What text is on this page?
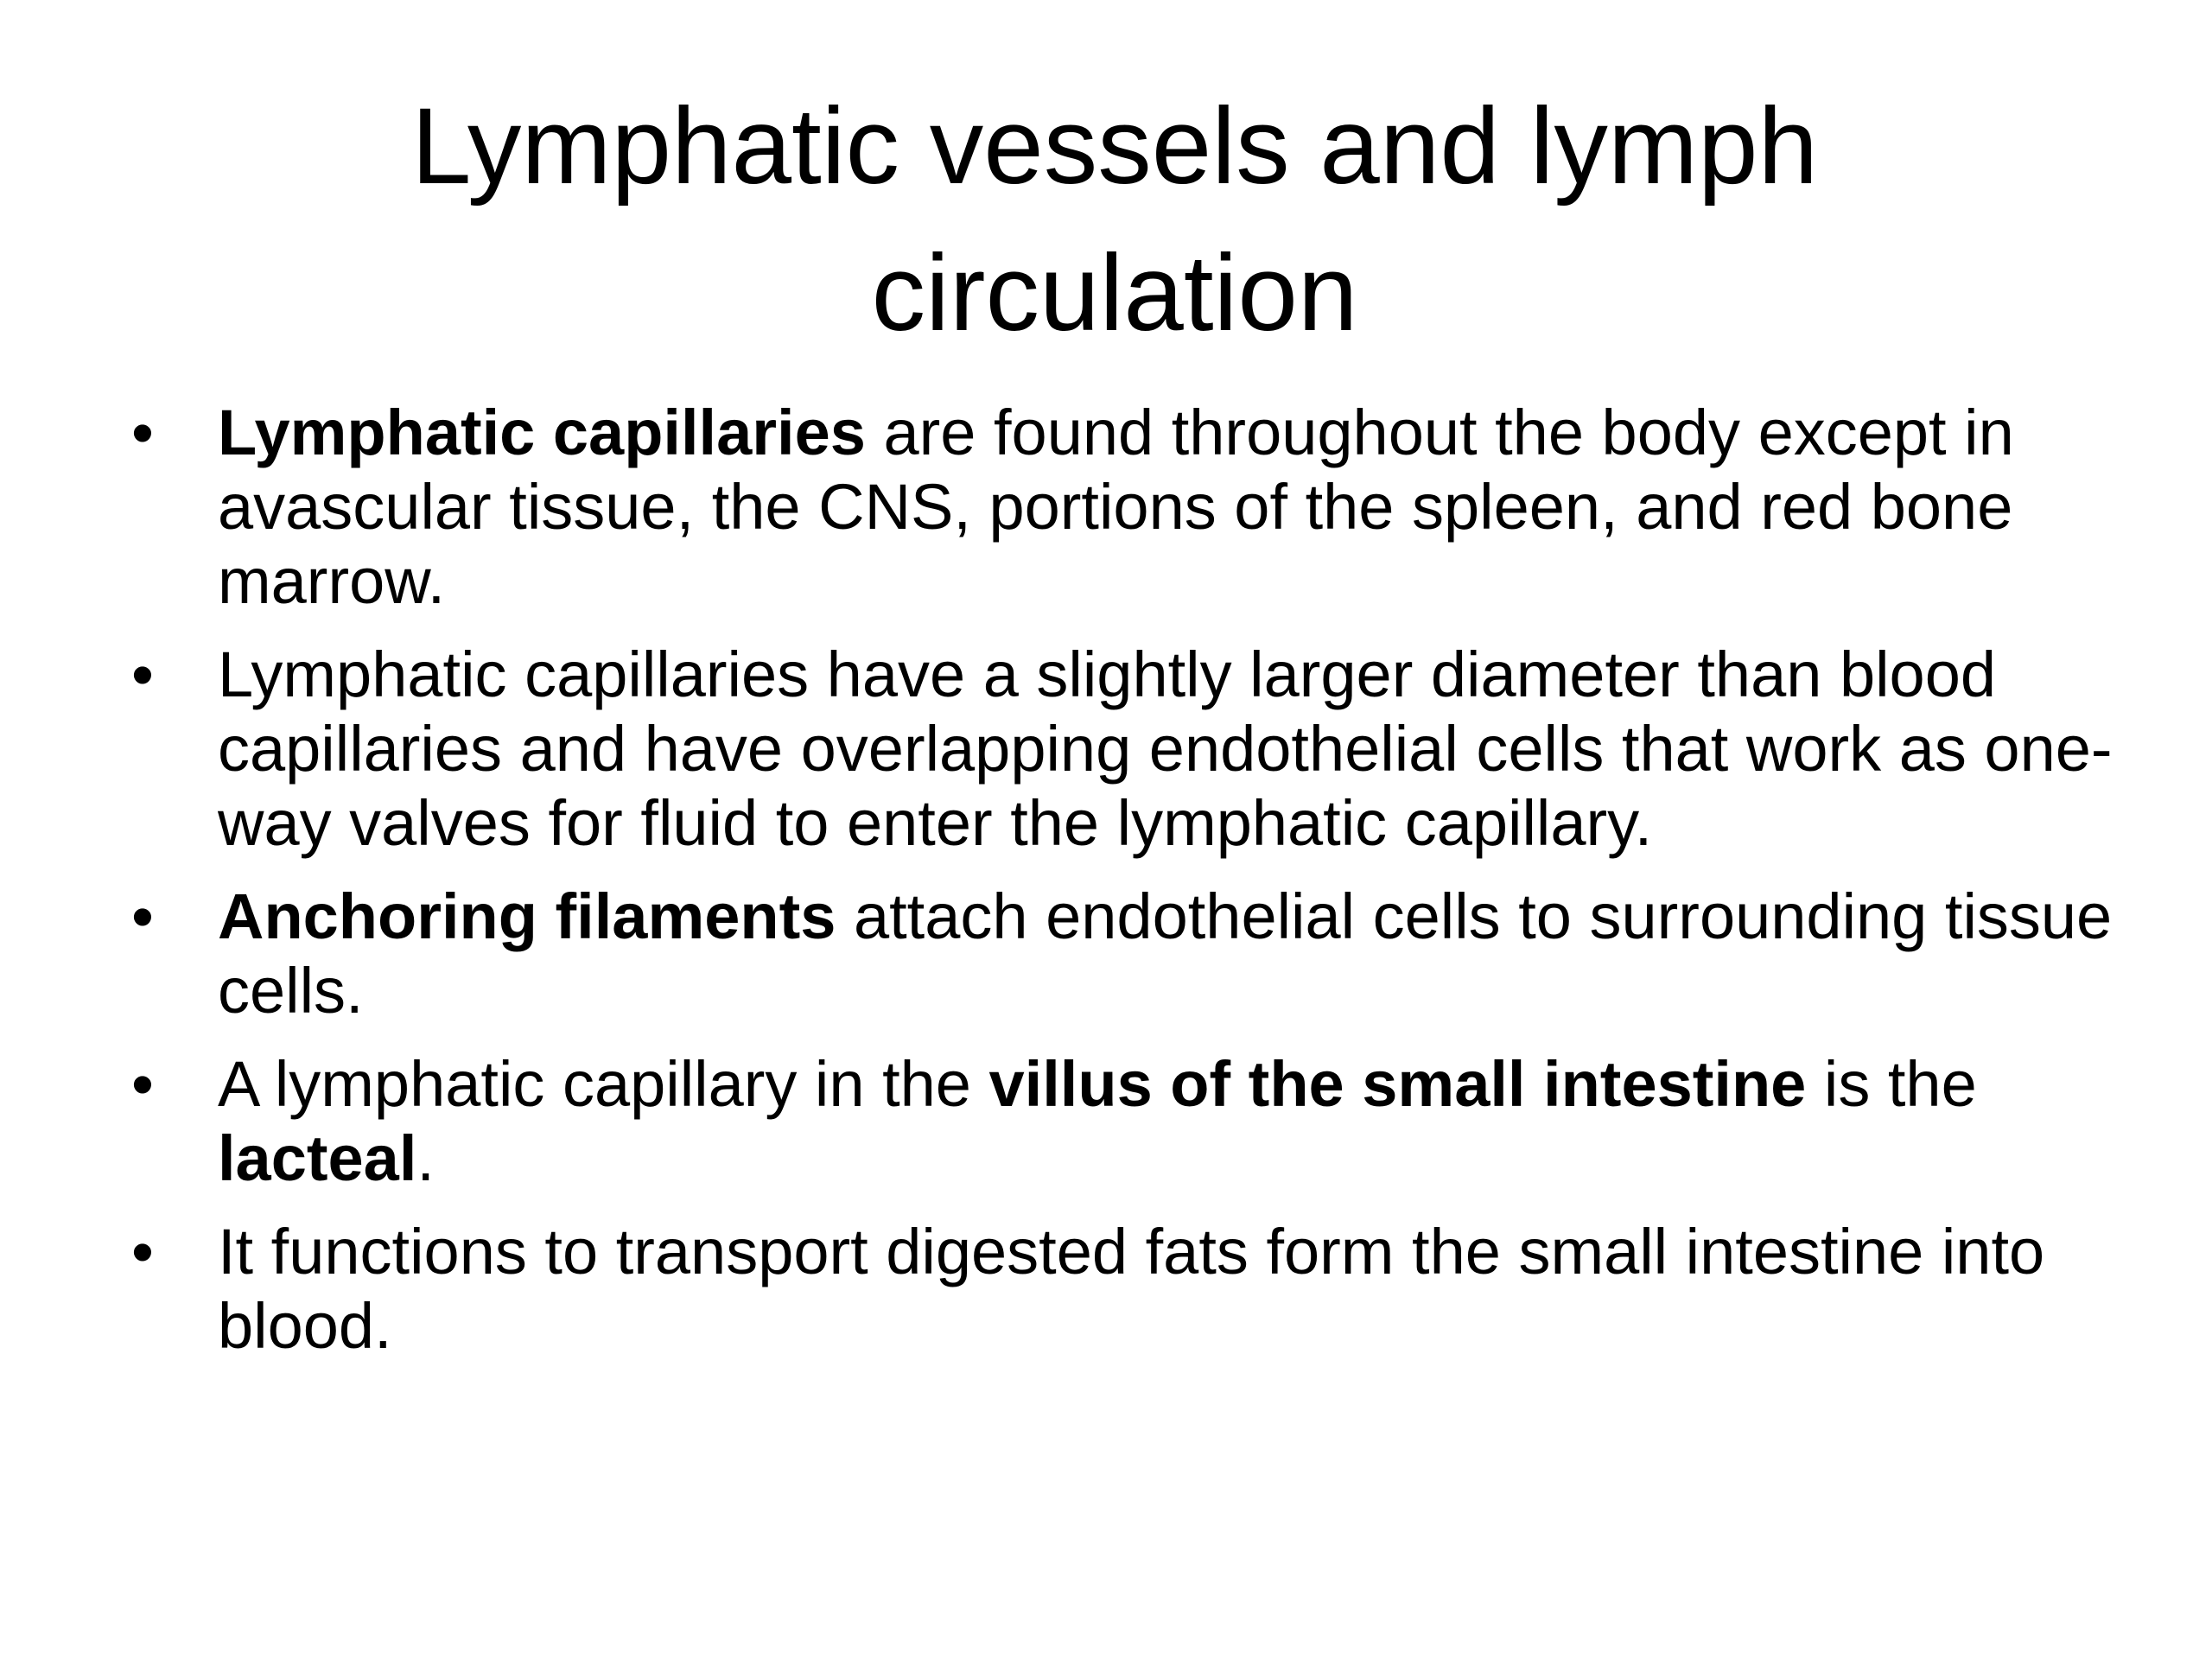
Lymphatic vessels and lymph circulation
•	Lymphatic capillaries are found throughout the body except in avascular tissue, the CNS, portions of the spleen, and red bone marrow.
•	Lymphatic capillaries have a slightly larger diameter than blood capillaries and have overlapping endothelial cells that work as one-way valves for fluid to enter the lymphatic capillary.
•	Anchoring filaments attach endothelial cells to surrounding tissue cells.
•	A lymphatic capillary in the villus of the small intestine is the lacteal.
•	It functions to transport digested fats form the small intestine into blood.
